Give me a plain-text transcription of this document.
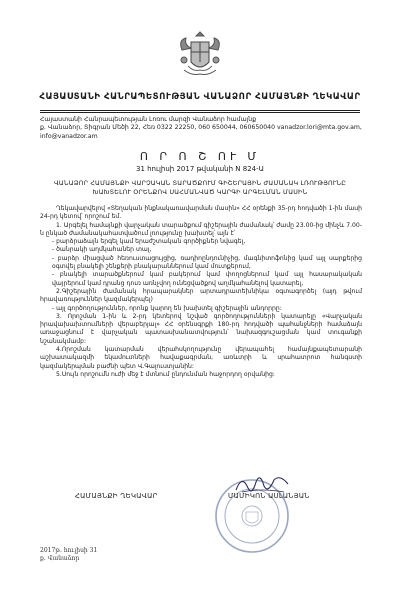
ՀԱՅԱՍՏԱՆԻ ՀԱՆՐԱՊԵՏՈՒԹՅԱՆ ՎԱՆԱՁՈՐ ՀԱՄԱՅՆՔԻ ՂԵԿԱՎԱՐ
Հայաստանի Հանրապետության Լոռու մարզի Վանաձոր համայնք
ք. Վանաձոր, Տիգրան Մեծի 22, Հեռ 0322 22250, 060 650044, 060650040 vanadzor.lori@mta.gov.am,
info@vanadzor.am
Ո Ր Ո Շ ՈՒ Մ
31 հուլիսի 2017 թվականի N 824-Ա
ՎԱՆԱՁՈՐ ՀԱՄԱՅՆՔԻ ՎԱՐՉԱԿԱՆ ՏԱՐԱԾՔՈՒՄ ԳԻՇԵՐԱՅԻՆ ԺԱՄԱՆԱԿ ԼՌՈՒԹՅՈՒՆԸ ԽԱԽՏԵԼՈՒ ՕՐԵՆՔՈՎ ՍԱՀՄԱՆՎԱԾ ԿԱՐԳԻ ԱՐԳԵԼՄԱՆ ՄԱՍԻՆ

Ղեկավարվելով «Տեղական ինքնակառավարման մասին» ՀՀ օրենքի 35-րդ հոդվածի 1-ին մասի 24-րդ կետով՝ որոշում եմ.

1. Արգելել համայնքի վարչական տարածքում գիշերային ժամանակ՝ ժամը 23.00-ից մինչև 7.00-ն ընկած ժամանակահատվածում լռությունը խախտել՝ այն է՝

- բարձրաձայն երգել կամ երաժշտական գործիքներ նվագել,

- ծանրակի աղմկահաներ տալ,

- բարձր միացված հեռուստացույցից, ռադիոընդունիչից, մագնիտոֆոնից կամ այլ սարքերից օգտվել բնակելի շենքերի բնակարաններում կամ մուտքերում,

- բնակելի տարածքներում կամ բակերում կամ փողոցներում կամ այլ հասարակական վայրերում կամ դրանց դուռ առնչվող ունեցվածքով աղմկահանելով կատարել,

2.Գիշերային ժամանակ հրապարակներ արտադրատեխնիկա օգտագործել (այդ թվում հրավառություններ կազմակերպել)

- այլ գործողություններ, որոնք կարող են խախտել գիշերային անդորրը:

3. Որոշման 1-ին և 2-րդ կետերով նշված գործողությունների կատարելը «Վարչական իրավախախտումների վերաբերյալ» ՀՀ օրենսգրքի 180-րդ հոդվածի պահանջների համաձայն առաջացնում է վարչական պատասխանատվություն՝ նախազգուշացման կամ տուգանքի նշանակմամբ:

4.Որոշման կատարման վերահսկողությունը վերապահել համայնքապետարանի աշխատակազմի եկամուտների հավաքագրման, առևտրի և սրահատրոտ հանգստի կազմակերպման բաժնի պետ Վ.Գալուստյանին:

5.Սույն որոշումն ուժի մեջ է մտնում ընդունման հաջորդող օրվանից:

ՀԱՄԱՅՆՔԻ ՂԵԿԱՎԱՐ	ՄԱՄԻԿՈՆ ԱՍԼԱՆՅԱՆ
2017թ. հուլիսի 31
ք. Վանաձոր
